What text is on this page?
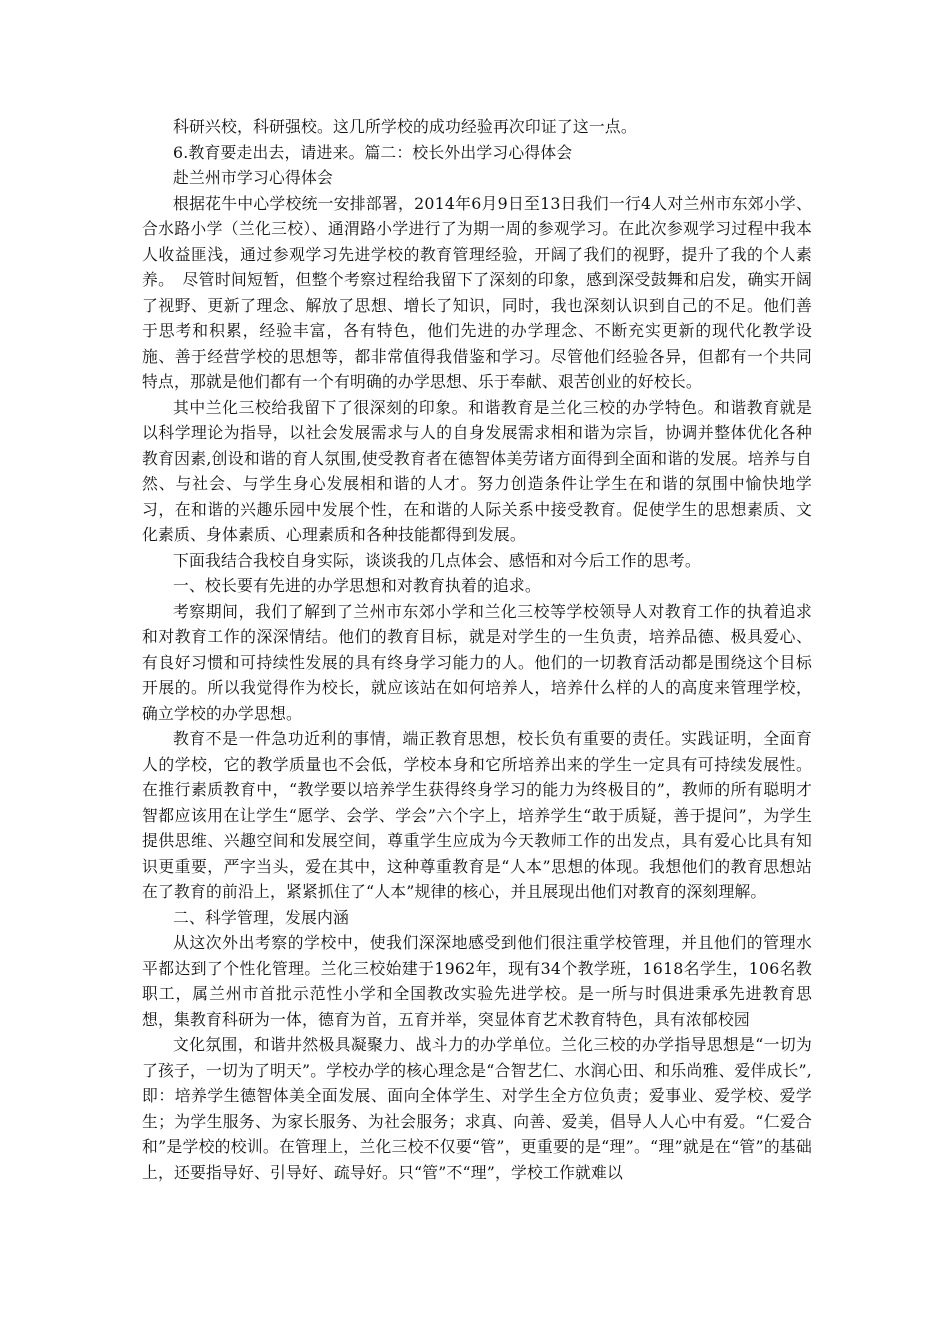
科研兴校，科研强校。这几所学校的成功经验再次印证了这一点。

6.教育要走出去，请进来。篇二：校长外出学习心得体会

赴兰州市学习心得体会

根据花牛中心学校统一安排部署，2014年6月9日至13日我们一行4人对兰州市东郊小学、合水路小学（兰化三校）、通渭路小学进行了为期一周的参观学习。在此次参观学习过程中我本人收益匪浅，通过参观学习先进学校的教育管理经验，开阔了我们的视野，提升了我的个人素养。　尽管时间短暂，但整个考察过程给我留下了深刻的印象，感到深受鼓舞和启发，确实开阔了视野、更新了理念、解放了思想、增长了知识，同时，我也深刻认识到自己的不足。他们善于思考和积累，经验丰富，各有特色，他们先进的办学理念、不断充实更新的现代化教学设施、善于经营学校的思想等，都非常值得我借鉴和学习。尽管他们经验各异，但都有一个共同特点，那就是他们都有一个有明确的办学思想、乐于奉献、艰苦创业的好校长。

其中兰化三校给我留下了很深刻的印象。和谐教育是兰化三校的办学特色。和谐教育就是以科学理论为指导，以社会发展需求与人的自身发展需求相和谐为宗旨，协调并整体优化各种教育因素,创设和谐的育人氛围,使受教育者在德智体美劳诸方面得到全面和谐的发展。培养与自然、与社会、与学生身心发展相和谐的人才。努力创造条件让学生在和谐的氛围中愉快地学习，在和谐的兴趣乐园中发展个性，在和谐的人际关系中接受教育。促使学生的思想素质、文化素质、身体素质、心理素质和各种技能都得到发展。

下面我结合我校自身实际，谈谈我的几点体会、感悟和对今后工作的思考。

一、校长要有先进的办学思想和对教育执着的追求。

考察期间，我们了解到了兰州市东郊小学和兰化三校等学校领导人对教育工作的执着追求和对教育工作的深深情结。他们的教育目标，就是对学生的一生负责，培养品德、极具爱心、有良好习惯和可持续性发展的具有终身学习能力的人。他们的一切教育活动都是围绕这个目标开展的。所以我觉得作为校长，就应该站在如何培养人，培养什么样的人的高度来管理学校，确立学校的办学思想。

教育不是一件急功近利的事情，端正教育思想，校长负有重要的责任。实践证明，全面育人的学校，它的教学质量也不会低，学校本身和它所培养出来的学生一定具有可持续发展性。在推行素质教育中，“教学要以培养学生获得终身学习的能力为终极目的”，教师的所有聪明才智都应该用在让学生“愿学、会学、学会”六个字上，培养学生“敢于质疑，善于提问”，为学生提供思维、兴趣空间和发展空间，尊重学生应成为今天教师工作的出发点，具有爱心比具有知识更重要，严字当头，爱在其中，这种尊重教育是“人本”思想的体现。我想他们的教育思想站在了教育的前沿上，紧紧抓住了“人本”规律的核心，并且展现出他们对教育的深刻理解。

二、科学管理，发展内涵

从这次外出考察的学校中，使我们深深地感受到他们很注重学校管理，并且他们的管理水平都达到了个性化管理。兰化三校始建于1962年，现有34个教学班，1618名学生，106名教职工，属兰州市首批示范性小学和全国教改实验先进学校。是一所与时俱进秉承先进教育思想，集教育科研为一体，德育为首，五育并举，突显体育艺术教育特色，具有浓郁校园

文化氛围，和谐井然极具凝聚力、战斗力的办学单位。兰化三校的办学指导思想是“一切为了孩子，一切为了明天”。学校办学的核心理念是“合智艺仁、水润心田、和乐尚雅、爱伴成长”,即：培养学生德智体美全面发展、面向全体学生、对学生全方位负责；爱事业、爱学校、爱学生；为学生服务、为家长服务、为社会服务；求真、向善、爱美，倡导人人心中有爱。“仁爱合和”是学校的校训。在管理上，兰化三校不仅要“管”，更重要的是“理”。“理”就是在“管”的基础上，还要指导好、引导好、疏导好。只“管”不“理”，学校工作就难以
